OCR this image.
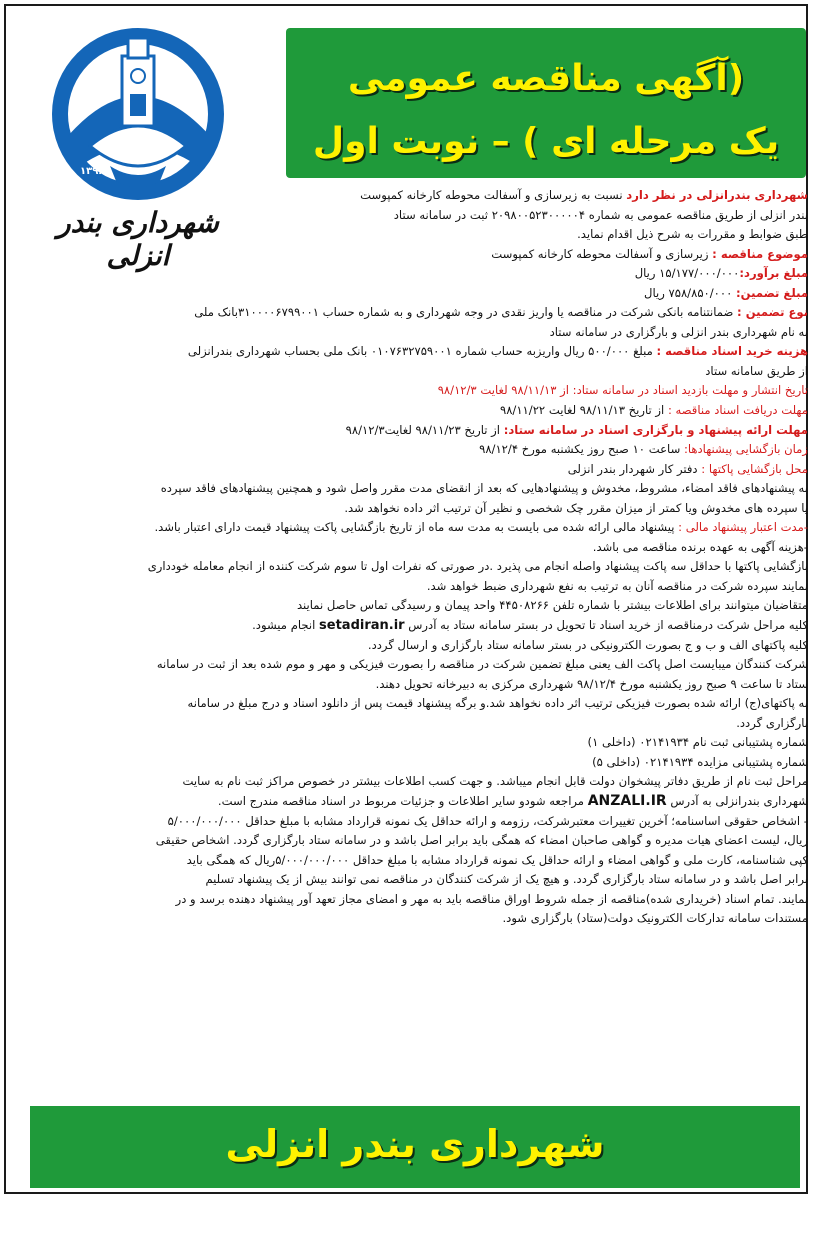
۱۳۹۶
شهرداری بندر انزلی
(آگهی مناقصه عمومی
یک مرحله ای ) – نوبت اول

شهرداری بندرانزلی در نظر دارد نسبت به زیرسازی و آسفالت محوطه کارخانه کمپوست

بندر انزلی از طریق مناقصه عمومی به شماره ۲۰۹۸۰۰۵۲۳۰۰۰۰۰۴ ثبت در سامانه ستاد

طبق ضوابط و مقررات به شرح ذیل اقدام نماید.

موضوع مناقصه : زیرسازی و آسفالت محوطه کارخانه کمپوست

مبلغ برآورد:۱۵/۱۷۷/۰۰۰/۰۰۰ ریال

مبلغ تضمین: ۷۵۸/۸۵۰/۰۰۰ ریال

نوع تضمین : ضمانتنامه بانکی شرکت در مناقصه یا واریز نقدی در وجه شهرداری و به شماره حساب ۳۱۰۰۰۰۶۷۹۹۰۰۱بانک ملی

به نام شهرداری بندر انزلی و بارگزاری در سامانه ستاد

هزینه خرید اسناد مناقصه : مبلغ ۵۰۰/۰۰۰ ریال واریزبه حساب شماره ۰۱۰۷۶۳۲۷۵۹۰۰۱ بانک ملی بحساب شهرداری بندرانزلی

از طریق سامانه ستاد

تاریخ انتشار و مهلت بازدید اسناد در سامانه ستاد: از ۹۸/۱۱/۱۳ لغایت ۹۸/۱۲/۳

مهلت دریافت اسناد مناقصه : از تاریخ ۹۸/۱۱/۱۳ لغایت ۹۸/۱۱/۲۲

مهلت ارائه پیشنهاد و بارگزاری اسناد در سامانه ستاد: از تاریخ ۹۸/۱۱/۲۳ لغایت۹۸/۱۲/۳

زمان بازگشایی پیشنهادها: ساعت ۱۰ صبح روز یکشنبه مورخ ۹۸/۱۲/۴

محل بازگشایی پاکتها : دفتر کار شهردار بندر انزلی

به پیشنهادهای فاقد امضاء، مشروط، مخدوش و پیشنهادهایی که بعد از انقضای مدت مقرر واصل شود و همچنین پیشنهادهای فاقد سپرده

یا سپرده های مخدوش ویا کمتر از میزان مقرر چک شخصی و نظیر آن ترتیب اثر داده نخواهد شد.

-مدت اعتبار پیشنهاد مالی : پیشنهاد مالی ارائه شده می بایست به مدت سه ماه از تاریخ بازگشایی پاکت پیشنهاد قیمت دارای اعتبار باشد.

-هزینه آگهی به عهده برنده مناقصه می باشد.

بازگشایی پاکتها با حداقل سه پاکت پیشنهاد واصله انجام می پذیرد .در صورتی که نفرات اول تا سوم شرکت کننده از انجام معامله خودداری

نمایند سپرده شرکت در مناقصه آنان به ترتیب به نفع شهرداری ضبط خواهد شد.

متقاضیان میتوانند برای اطلاعات بیشتر با شماره تلفن ۴۴۵۰۸۲۶۶ واحد پیمان و رسیدگی تماس حاصل نمایند

کلیه مراحل شرکت درمناقصه از خرید اسناد تا تحویل در بستر سامانه ستاد به آدرس setadiran.ir انجام میشود.

کلیه پاکتهای الف و ب و ج بصورت الکترونیکی در بستر سامانه ستاد بارگزاری و ارسال گردد.

شرکت کنندگان میبایست اصل پاکت الف یعنی مبلغ تضمین شرکت در مناقصه را بصورت فیزیکی و مهر و موم شده بعد از ثبت در سامانه

ستاد تا ساعت ۹ صبح روز یکشنبه مورخ ۹۸/۱۲/۴ شهرداری مرکزی به دبیرخانه تحویل دهند.

به پاکتهای(ج) ارائه شده بصورت فیزیکی ترتیب اثر داده نخواهد شد.و برگه پیشنهاد قیمت پس از دانلود اسناد و درج مبلغ در سامانه

بارگزاری گردد.

شماره پشتیبانی ثبت نام ۰۲۱۴۱۹۳۴ (داخلی ۱)

شماره پشتیبانی مزایده ۰۲۱۴۱۹۳۴ (داخلی ۵)

مراحل ثبت نام از طریق دفاتر پیشخوان دولت قابل انجام میباشد. و جهت کسب اطلاعات بیشتر در خصوص مراکز ثبت نام به سایت

شهرداری بندرانزلی به آدرس ANZALI.IR مراجعه شودو سایر اطلاعات و جزئیات مربوط در اسناد مناقصه مندرج است.

- اشخاص حقوقی اساسنامه؛ آخرین تغییرات معتبرشرکت، رزومه و ارائه حداقل یک نمونه قرارداد مشابه با مبلغ حداقل ۵/۰۰۰/۰۰۰/۰۰۰

ریال، لیست اعضای هیات مدیره و گواهی صاحبان امضاء که همگی باید برابر اصل باشد و در سامانه ستاد بارگزاری گردد. اشخاص حقیقی

کپی شناسنامه، کارت ملی و گواهی امضاء و ارائه حداقل یک نمونه قرارداد مشابه با مبلغ حداقل ۵/۰۰۰/۰۰۰/۰۰۰ریال که همگی باید

برابر اصل باشد و در سامانه ستاد بارگزاری گردد. و هیچ یک از شرکت کنندگان در مناقصه نمی توانند بیش از یک پیشنهاد تسلیم

نمایند. تمام اسناد (خریداری شده)مناقصه از جمله شروط اوراق مناقصه باید به مهر و امضای مجاز تعهد آور پیشنهاد دهنده برسد و در

مستندات سامانه تدارکات الکترونیک دولت(ستاد) بارگزاری شود.

شهرداری بندر انزلی
